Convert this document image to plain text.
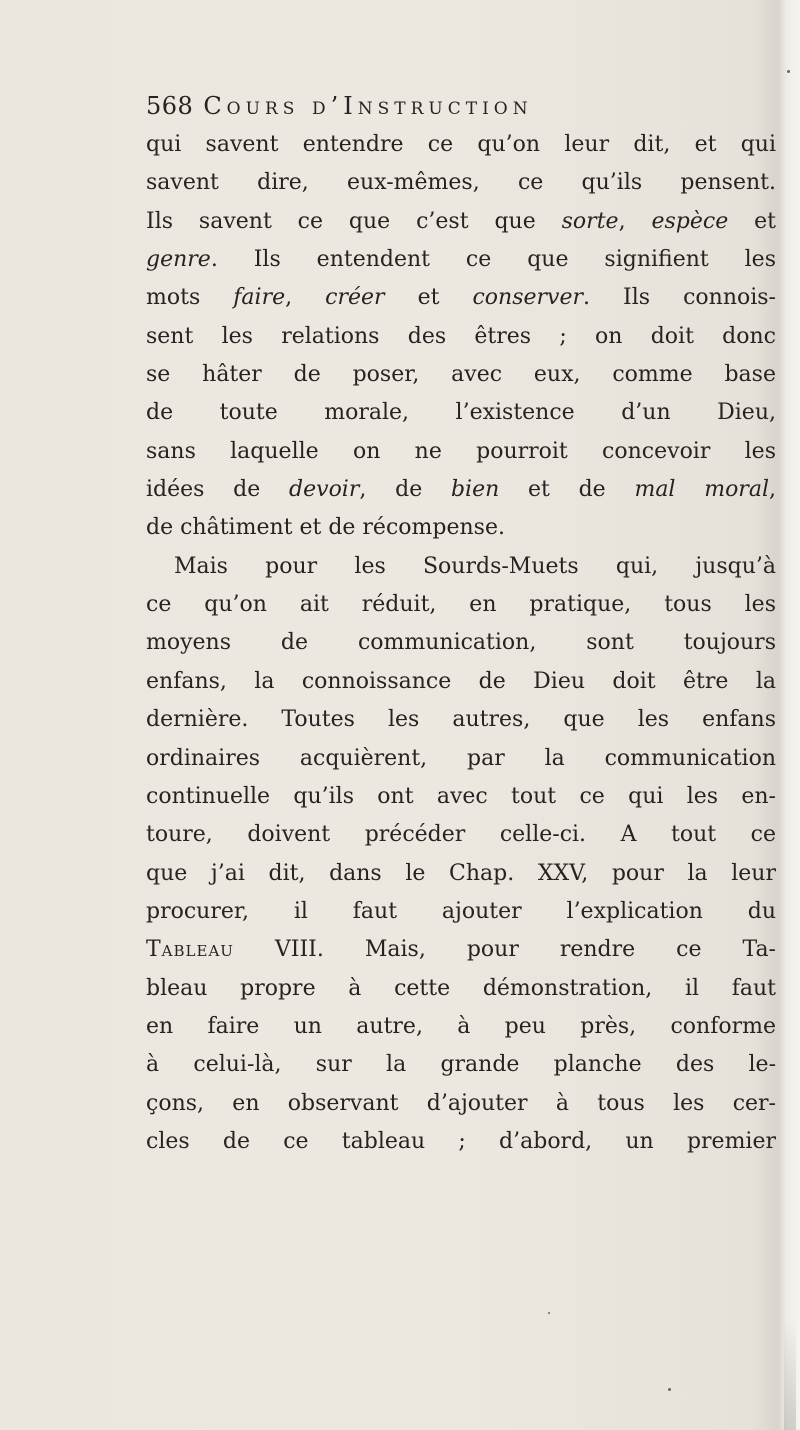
568 Cours d’Instruction
qui savent entendre ce qu’on leur dit, et qui
savent dire, eux-mêmes, ce qu’ils pensent.
Ils savent ce que c’est que sorte, espèce et
genre. Ils entendent ce que signifient les
mots faire, créer et conserver. Ils connois-
sent les relations des êtres ; on doit donc
se hâter de poser, avec eux, comme base
de toute morale, l’existence d’un Dieu,
sans laquelle on ne pourroit concevoir les
idées de devoir, de bien et de mal moral,
de châtiment et de récompense.
Mais pour les Sourds-Muets qui, jusqu’à
ce qu’on ait réduit, en pratique, tous les
moyens de communication, sont toujours
enfans, la connoissance de Dieu doit être la
dernière. Toutes les autres, que les enfans
ordinaires acquièrent, par la communication
continuelle qu’ils ont avec tout ce qui les en-
toure, doivent précéder celle-ci. A tout ce
que j’ai dit, dans le Chap. XXV, pour la leur
procurer, il faut ajouter l’explication du
Tableau VIII. Mais, pour rendre ce Ta-
bleau propre à cette démonstration, il faut
en faire un autre, à peu près, conforme
à celui-là, sur la grande planche des le-
çons, en observant d’ajouter à tous les cer-
cles de ce tableau ; d’abord, un premier
